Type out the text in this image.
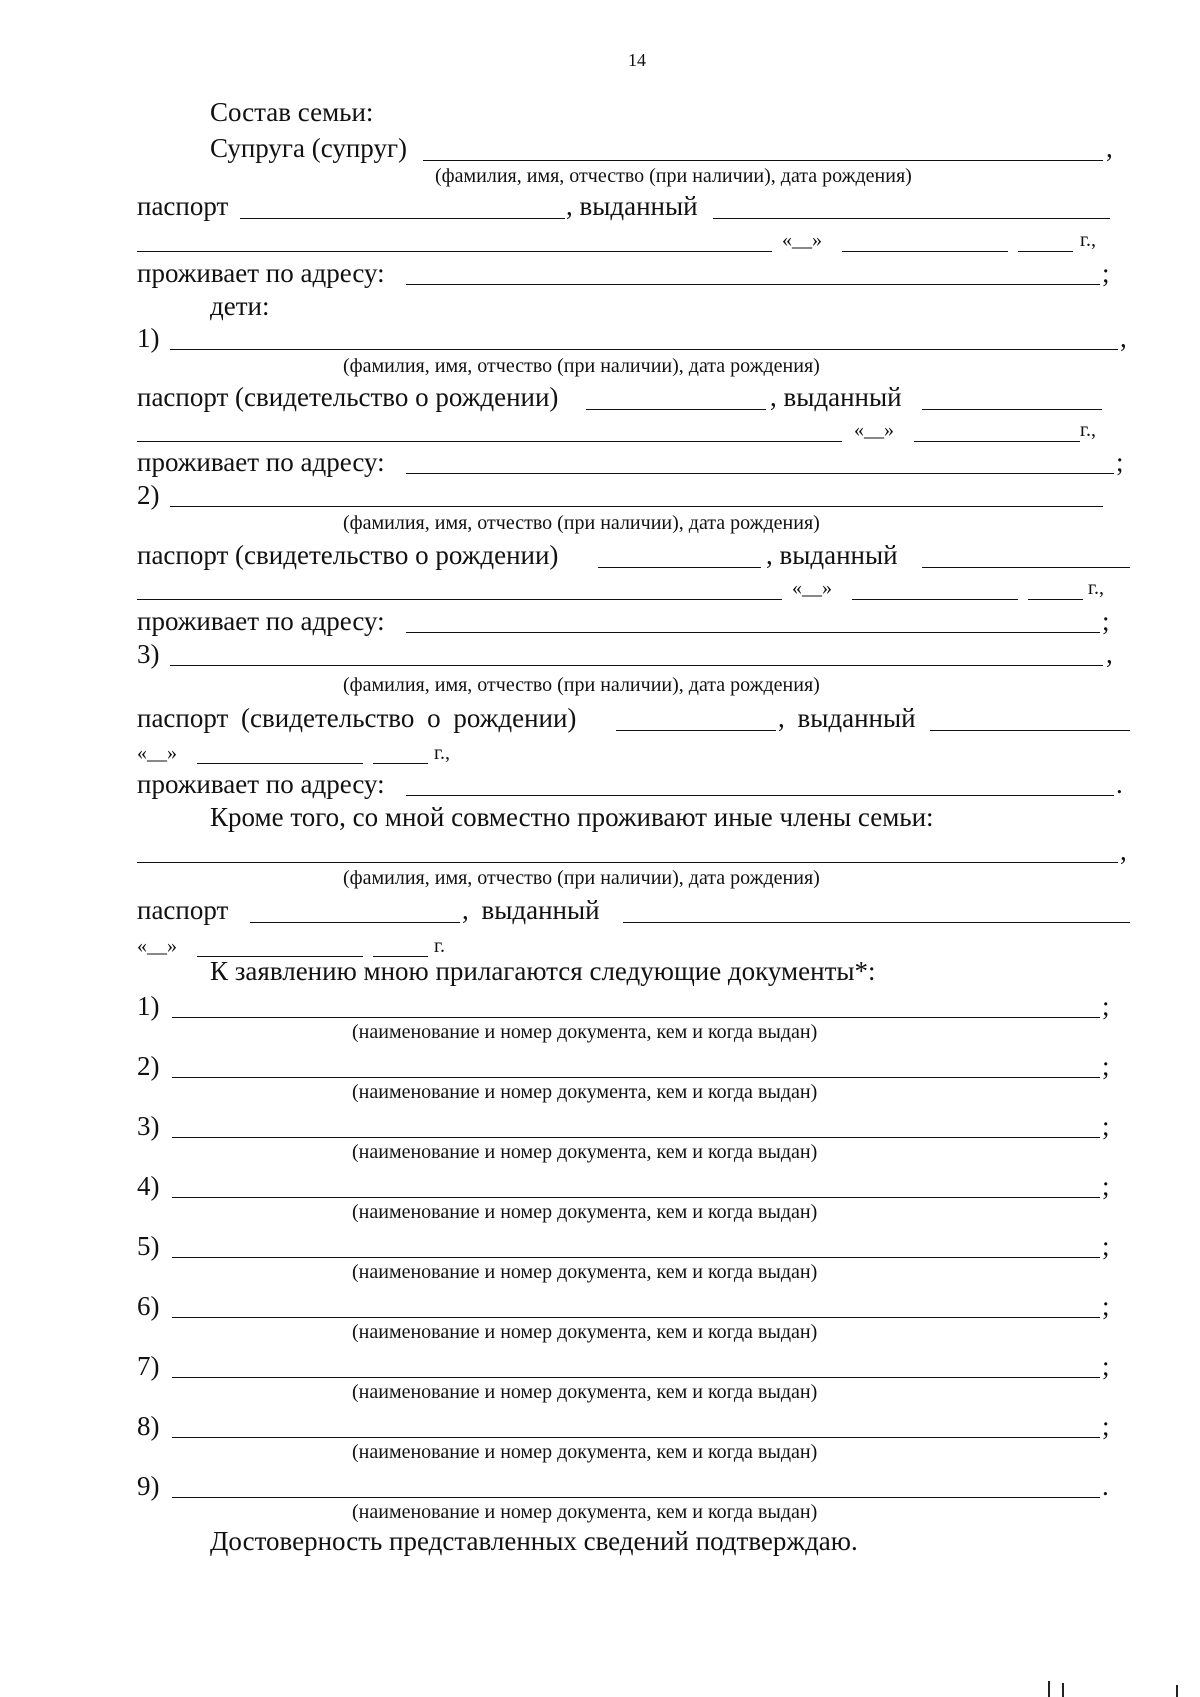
14
Состав семьи:
Супруга (супруг)	,
(фамилия, имя, отчество (при наличии), дата рождения)
паспорт	, выданный
«__»	г.,
проживает по адресу:	;
дети:
1)	,
(фамилия, имя, отчество (при наличии), дата рождения)
паспорт (свидетельство о рождении)	, выданный
«__»	г.,
проживает по адресу:	;
2)
(фамилия, имя, отчество (при наличии), дата рождения)
паспорт (свидетельство о рождении)	, выданный
«__»	г.,
проживает по адресу:	;
3)	,
(фамилия, имя, отчество (при наличии), дата рождения)
паспорт (свидетельство о рождении)	, выданный
«__»	г.,
проживает по адресу:	.
Кроме того, со мной совместно проживают иные члены семьи:
,
(фамилия, имя, отчество (при наличии), дата рождения)
паспорт	, выданный
«__»	г.
К заявлению мною прилагаются следующие документы*:
1)	;
(наименование и номер документа, кем и когда выдан)
2)	;
(наименование и номер документа, кем и когда выдан)
3)	;
(наименование и номер документа, кем и когда выдан)
4)	;
(наименование и номер документа, кем и когда выдан)
5)	;
(наименование и номер документа, кем и когда выдан)
6)	;
(наименование и номер документа, кем и когда выдан)
7)	;
(наименование и номер документа, кем и когда выдан)
8)	;
(наименование и номер документа, кем и когда выдан)
9)	.
(наименование и номер документа, кем и когда выдан)
Достоверность представленных сведений подтверждаю.
